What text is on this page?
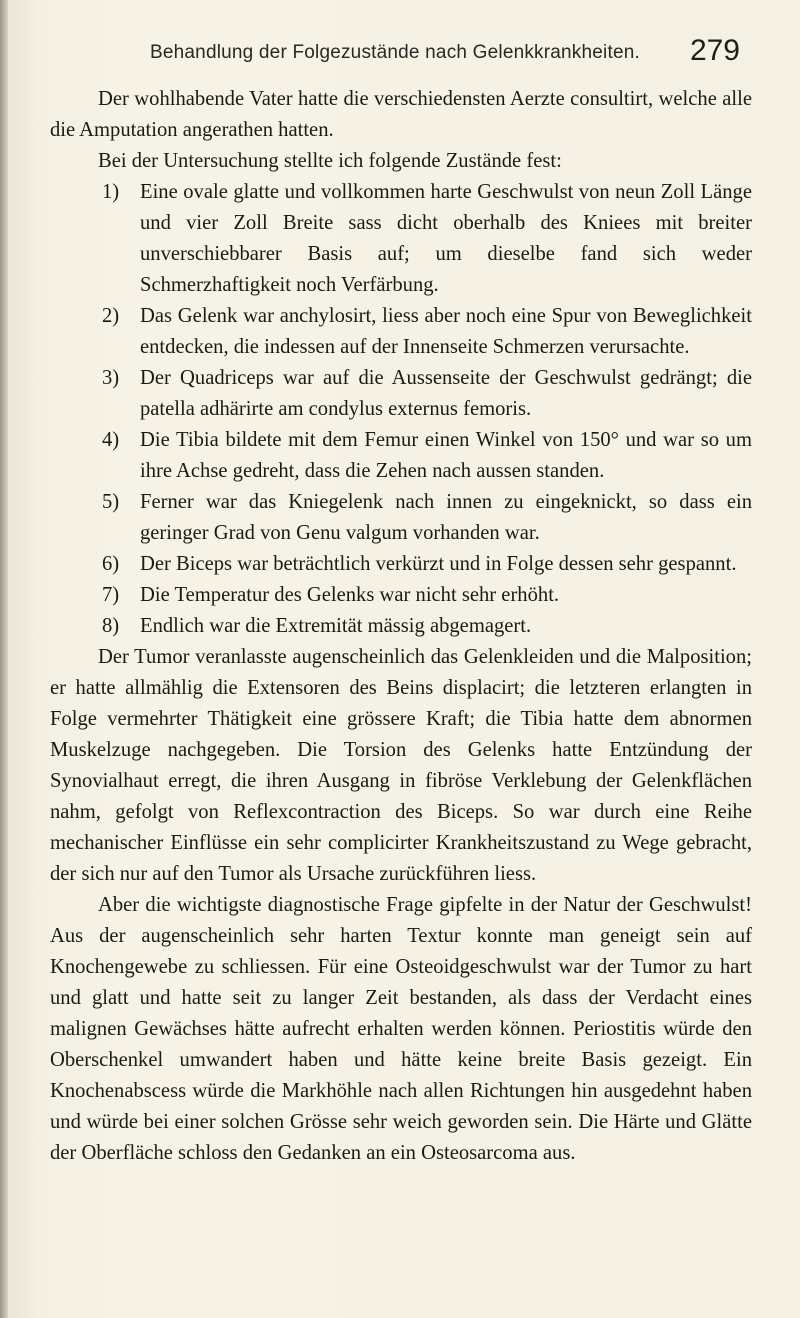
Behandlung der Folgezustände nach Gelenkkrankheiten. 279

Der wohlhabende Vater hatte die verschiedensten Aerzte consultirt, welche alle die Amputation angerathen hatten.

Bei der Untersuchung stellte ich folgende Zustände fest:

1)	Eine ovale glatte und vollkommen harte Geschwulst von neun Zoll Länge und vier Zoll Breite sass dicht oberhalb des Kniees mit breiter unverschiebbarer Basis auf; um dieselbe fand sich weder Schmerzhaftigkeit noch Verfärbung.
2)	Das Gelenk war anchylosirt, liess aber noch eine Spur von Beweglichkeit entdecken, die indessen auf der Innenseite Schmerzen verursachte.
3)	Der Quadriceps war auf die Aussenseite der Geschwulst gedrängt; die patella adhärirte am condylus externus femoris.
4)	Die Tibia bildete mit dem Femur einen Winkel von 150° und war so um ihre Achse gedreht, dass die Zehen nach aussen standen.
5)	Ferner war das Kniegelenk nach innen zu eingeknickt, so dass ein geringer Grad von Genu valgum vorhanden war.
6)	Der Biceps war beträchtlich verkürzt und in Folge dessen sehr gespannt.
7)	Die Temperatur des Gelenks war nicht sehr erhöht.
8)	Endlich war die Extremität mässig abgemagert.

Der Tumor veranlasste augenscheinlich das Gelenkleiden und die Malposition; er hatte allmählig die Extensoren des Beins displacirt; die letzteren erlangten in Folge vermehrter Thätigkeit eine grössere Kraft; die Tibia hatte dem abnormen Muskelzuge nachgegeben. Die Torsion des Gelenks hatte Entzündung der Synovialhaut erregt, die ihren Ausgang in fibröse Verklebung der Gelenkflächen nahm, gefolgt von Reflexcontraction des Biceps. So war durch eine Reihe mechanischer Einflüsse ein sehr complicirter Krankheitszustand zu Wege gebracht, der sich nur auf den Tumor als Ursache zurückführen liess.

Aber die wichtigste diagnostische Frage gipfelte in der Natur der Geschwulst! Aus der augenscheinlich sehr harten Textur konnte man geneigt sein auf Knochengewebe zu schliessen. Für eine Osteoidgeschwulst war der Tumor zu hart und glatt und hatte seit zu langer Zeit bestanden, als dass der Verdacht eines malignen Gewächses hätte aufrecht erhalten werden können. Periostitis würde den Oberschenkel umwandert haben und hätte keine breite Basis gezeigt. Ein Knochenabscess würde die Markhöhle nach allen Richtungen hin ausgedehnt haben und würde bei einer solchen Grösse sehr weich geworden sein. Die Härte und Glätte der Oberfläche schloss den Gedanken an ein Osteosarcoma aus.
